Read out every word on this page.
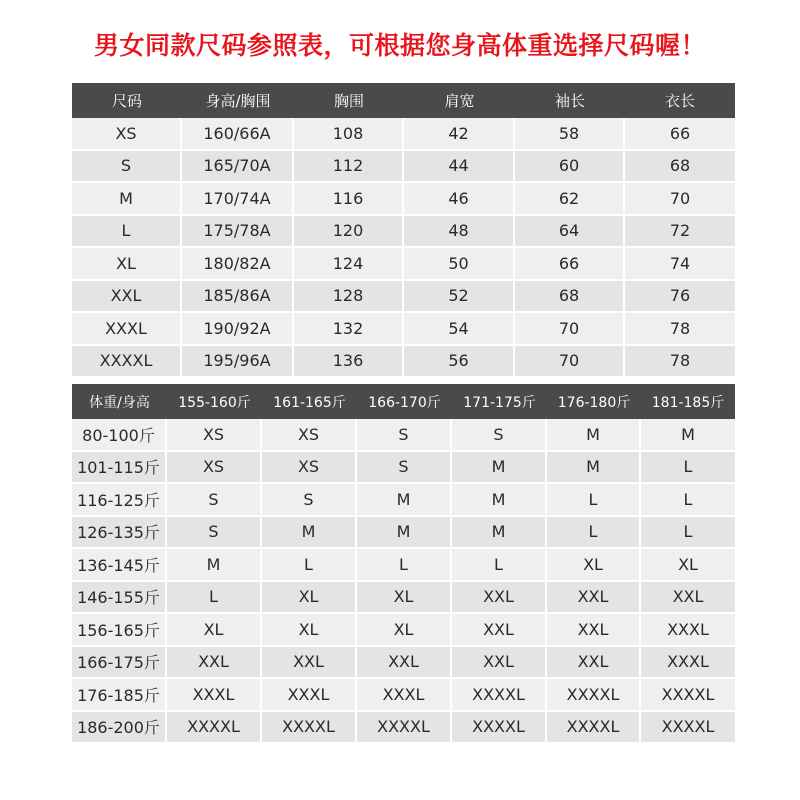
男女同款尺码参照表，可根据您身高体重选择尺码喔！
尺码	身高/胸围	胸围	肩宽	袖长	衣长
XS	160/66A	108	42	58	66
S	165/70A	112	44	60	68
M	170/74A	116	46	62	70
L	175/78A	120	48	64	72
XL	180/82A	124	50	66	74
XXL	185/86A	128	52	68	76
XXXL	190/92A	132	54	70	78
XXXXL	195/96A	136	56	70	78
体重/身高	155-160斤	161-165斤	166-170斤	171-175斤	176-180斤	181-185斤
80-100斤	XS	XS	S	S	M	M
101-115斤	XS	XS	S	M	M	L
116-125斤	S	S	M	M	L	L
126-135斤	S	M	M	M	L	L
136-145斤	M	L	L	L	XL	XL
146-155斤	L	XL	XL	XXL	XXL	XXL
156-165斤	XL	XL	XL	XXL	XXL	XXXL
166-175斤	XXL	XXL	XXL	XXL	XXL	XXXL
176-185斤	XXXL	XXXL	XXXL	XXXXL	XXXXL	XXXXL
186-200斤	XXXXL	XXXXL	XXXXL	XXXXL	XXXXL	XXXXL
